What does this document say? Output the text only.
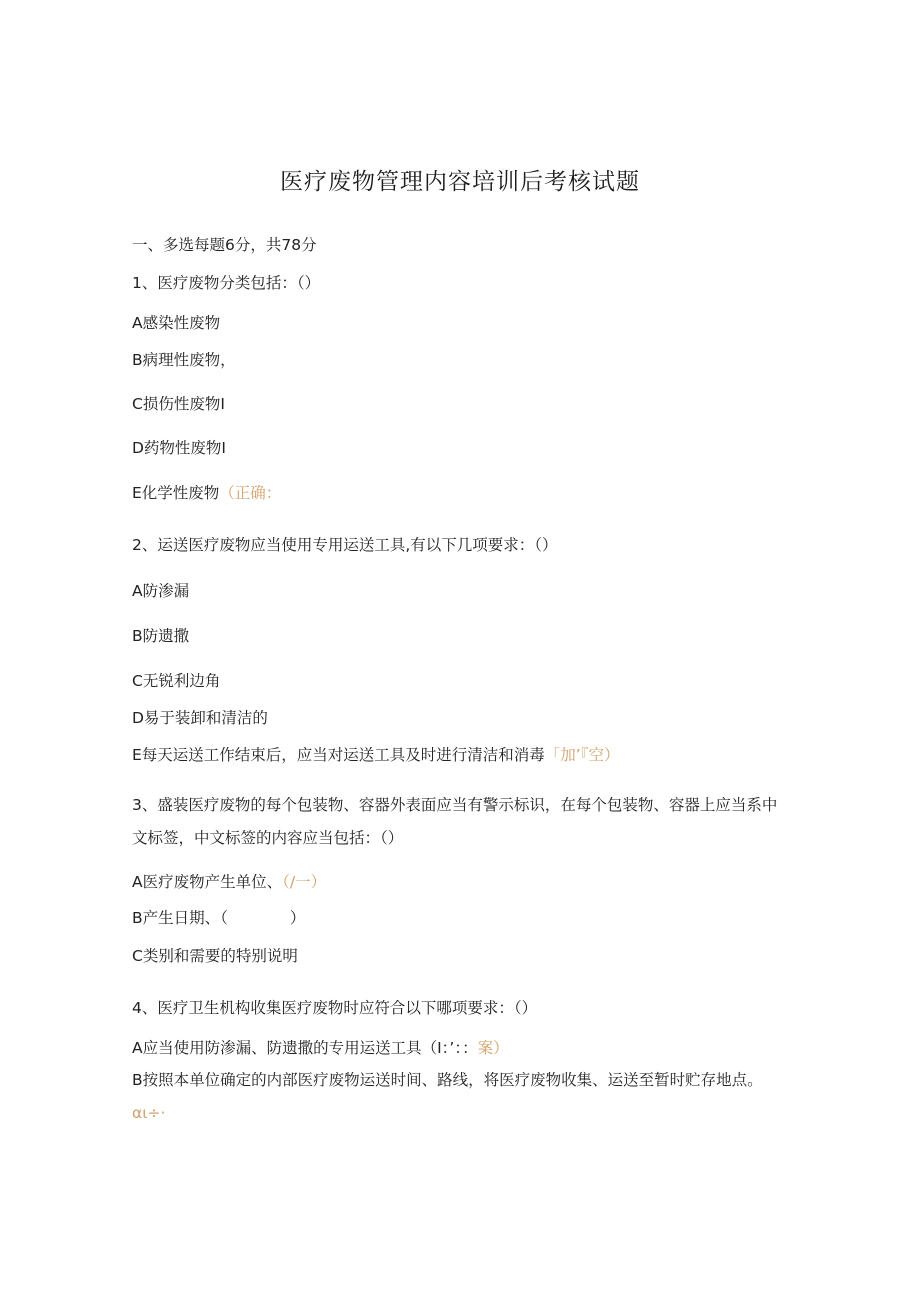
医疗废物管理内容培训后考核试题
一、多选每题6分，共78分
1、医疗废物分类包括：（）
A感染性废物
B病理性废物，
C损伤性废物I
D药物性废物I
E化学性废物（正确：
2、运送医疗废物应当使用专用运送工具,有以下几项要求：（）
A防渗漏
B防遗撒
C无锐利边角
D易于装卸和清洁的
E每天运送工作结束后，应当对运送工具及时进行清洁和消毒「加’『空）
3、盛装医疗废物的每个包装物、容器外表面应当有警示标识，在每个包装物、容器上应当系中文标签，中文标签的内容应当包括：（）
A医疗废物产生单位、（/一）
B产生日期、（　　　　）
C类别和需要的特别说明
4、医疗卫生机构收集医疗废物时应符合以下哪项要求：（）
A应当使用防渗漏、防遗撒的专用运送工具（I：’：：案）
B按照本单位确定的内部医疗废物运送时间、路线，将医疗废物收集、运送至暂时贮存地点。αι÷·
